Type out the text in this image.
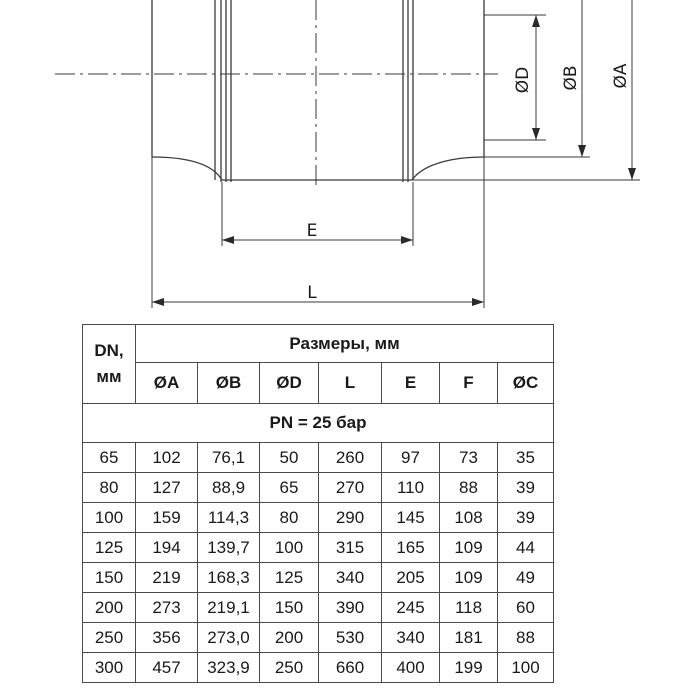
ØD ØB ØA
E
L
DN,
мм	Размеры, мм						
	ØA	ØB	ØD	L	E	F	ØC
PN = 25 бар							
65	102	76,1	50	260	97	73	35
80	127	88,9	65	270	110	88	39
100	159	114,3	80	290	145	108	39
125	194	139,7	100	315	165	109	44
150	219	168,3	125	340	205	109	49
200	273	219,1	150	390	245	118	60
250	356	273,0	200	530	340	181	88
300	457	323,9	250	660	400	199	100
